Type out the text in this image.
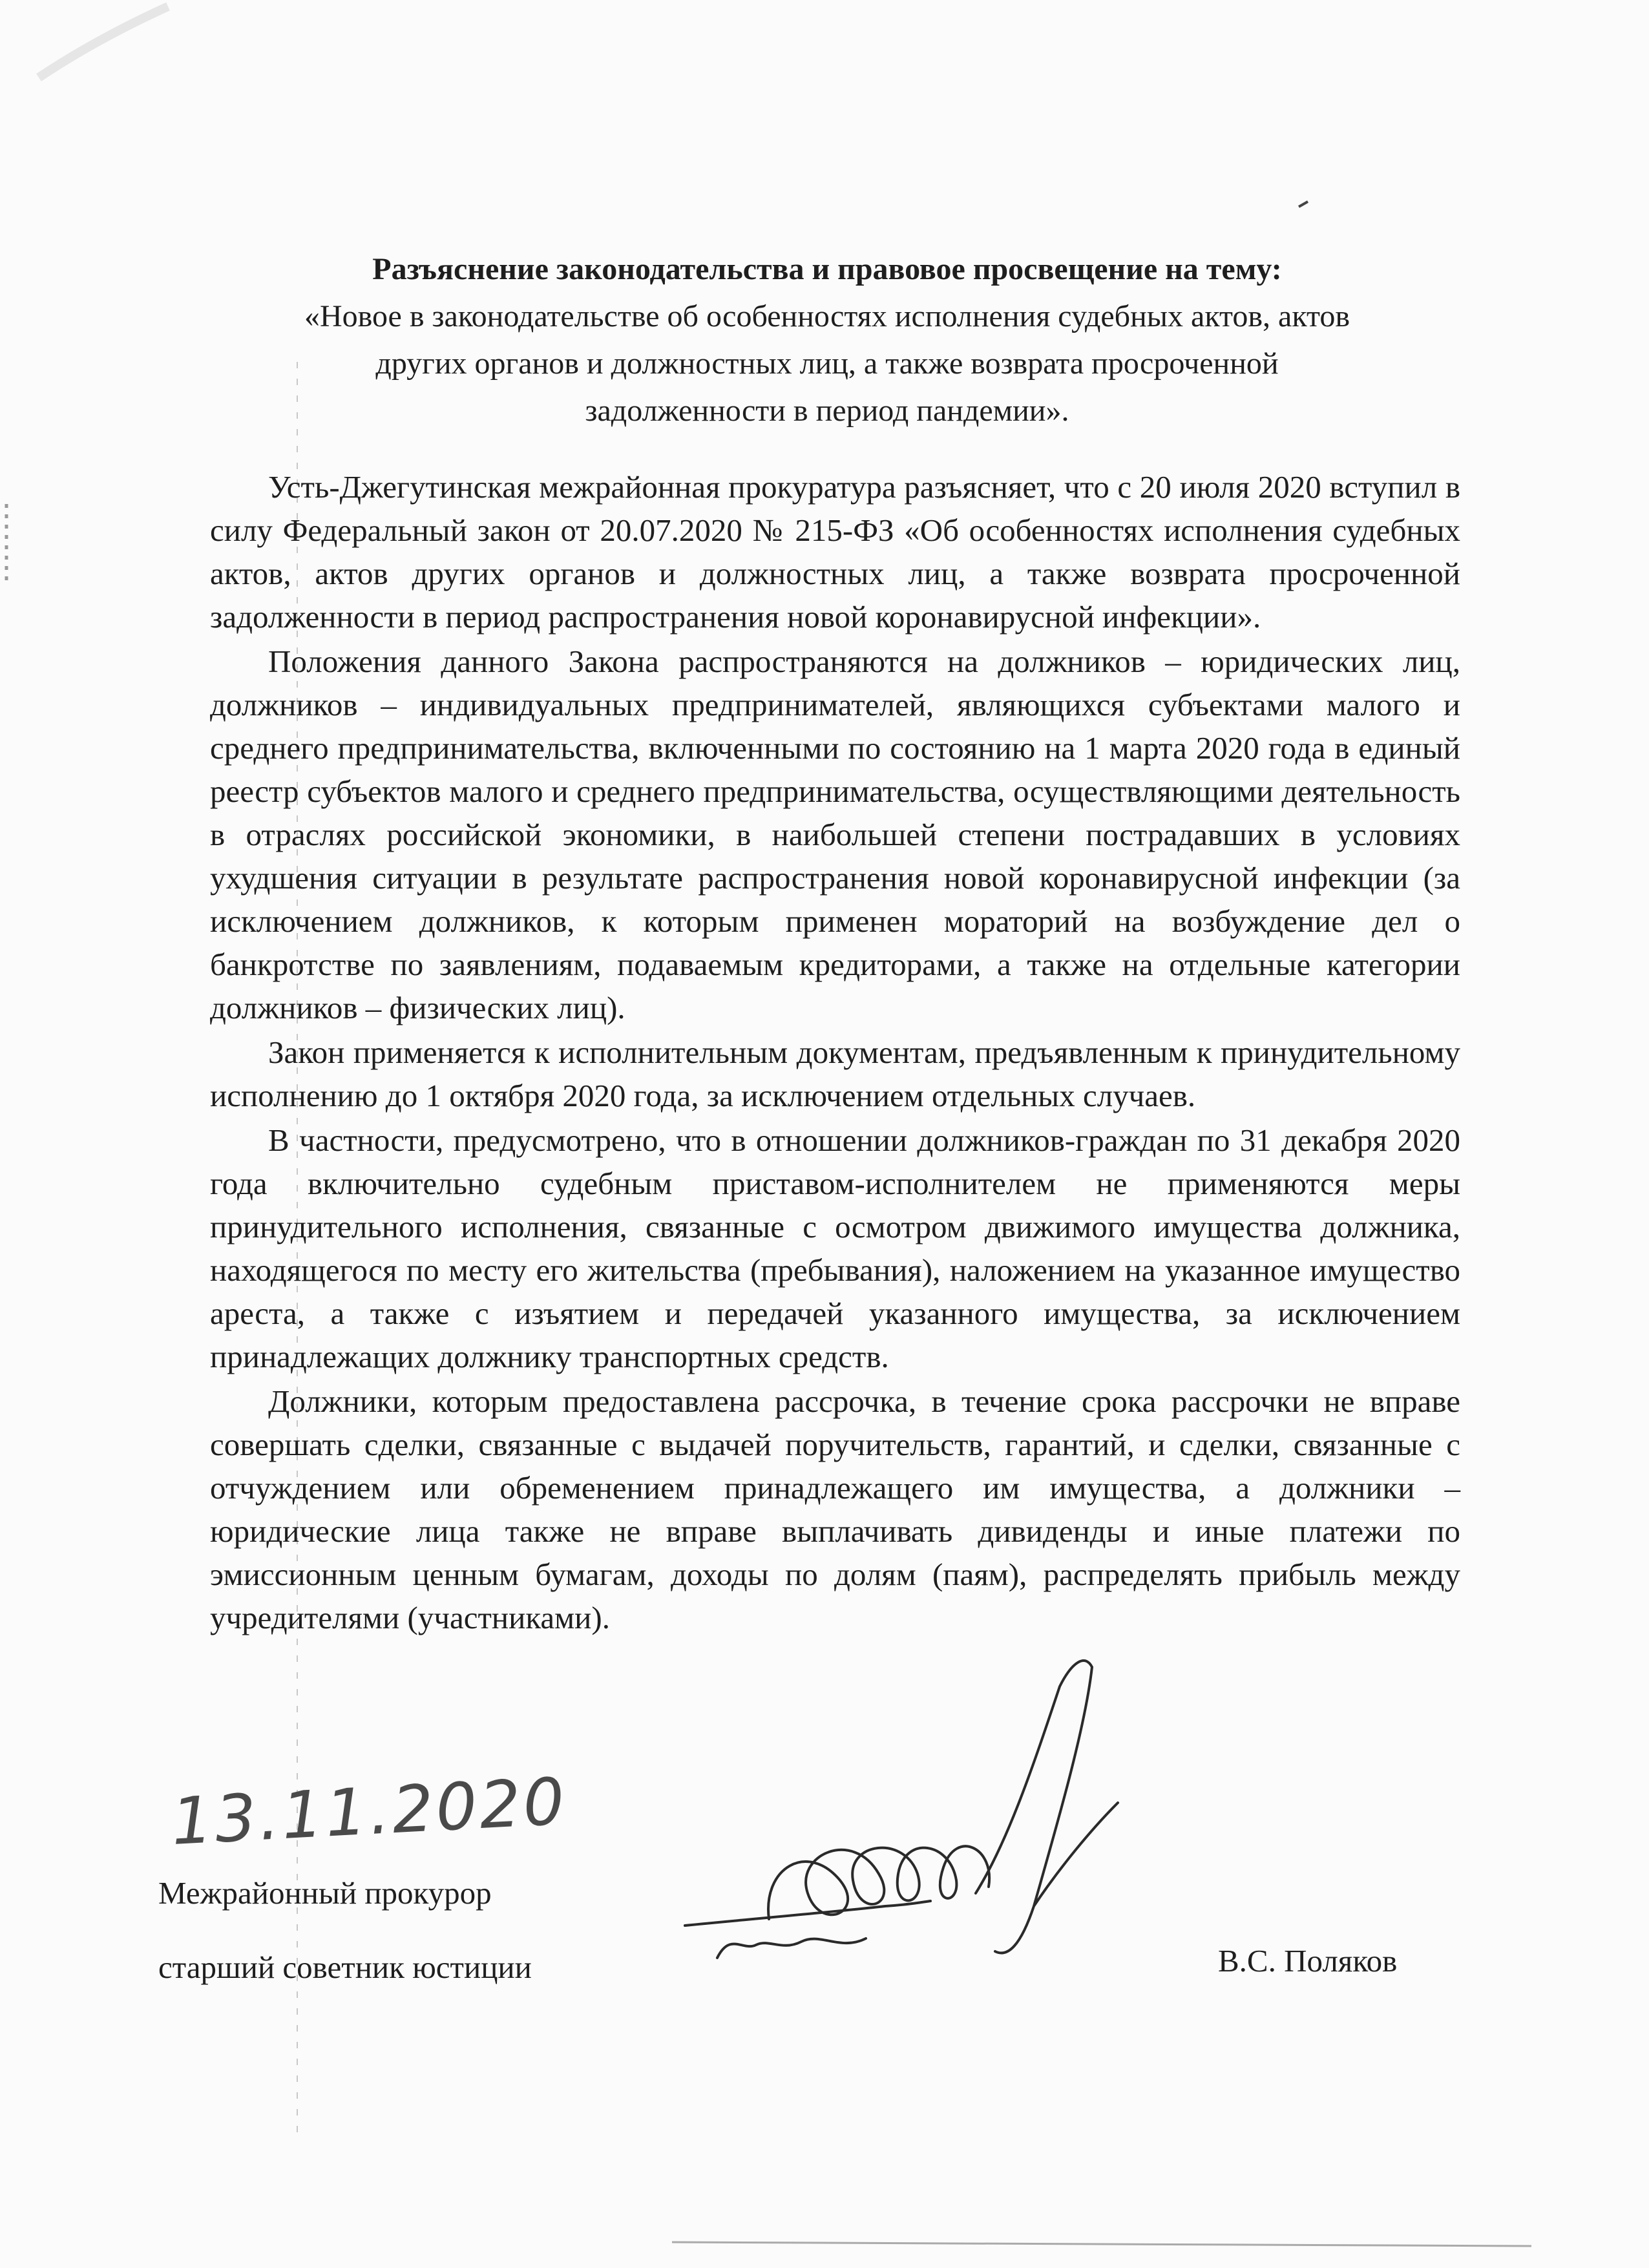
Разъяснение законодательства и правовое просвещение на тему:
«Новое в законодательстве об особенностях исполнения судебных актов, актов
других органов и должностных лиц, а также возврата просроченной
задолженности в период пандемии».

Усть-Джегутинская межрайонная прокуратура разъясняет, что с 20 июля 2020 вступил в силу Федеральный закон от 20.07.2020 № 215-ФЗ «Об особенностях исполнения судебных актов, актов других органов и должностных лиц, а также возврата просроченной задолженности в период распространения новой коронавирусной инфекции».

Положения данного Закона распространяются на должников – юридических лиц, должников – индивидуальных предпринимателей, являющихся субъектами малого и среднего предпринимательства, включенными по состоянию на 1 марта 2020 года в единый реестр субъектов малого и среднего предпринимательства, осуществляющими деятельность в отраслях российской экономики, в наибольшей степени пострадавших в условиях ухудшения ситуации в результате распространения новой коронавирусной инфекции (за исключением должников, к которым применен мораторий на возбуждение дел о банкротстве по заявлениям, подаваемым кредиторами, а также на отдельные категории должников – физических лиц).

Закон применяется к исполнительным документам, предъявленным к принудительному исполнению до 1 октября 2020 года, за исключением отдельных случаев.

В частности, предусмотрено, что в отношении должников-граждан по 31 декабря 2020 года включительно судебным приставом-исполнителем не применяются меры принудительного исполнения, связанные с осмотром движимого имущества должника, находящегося по месту его жительства (пребывания), наложением на указанное имущество ареста, а также с изъятием и передачей указанного имущества, за исключением принадлежащих должнику транспортных средств.

Должники, которым предоставлена рассрочка, в течение срока рассрочки не вправе совершать сделки, связанные с выдачей поручительств, гарантий, и сделки, связанные с отчуждением или обременением принадлежащего им имущества, а должники – юридические лица также не вправе выплачивать дивиденды и иные платежи по эмиссионным ценным бумагам, доходы по долям (паям), распределять прибыль между учредителями (участниками).

13.11.2020
Межрайонный прокурор
старший советник юстиции	В.С. Поляков
